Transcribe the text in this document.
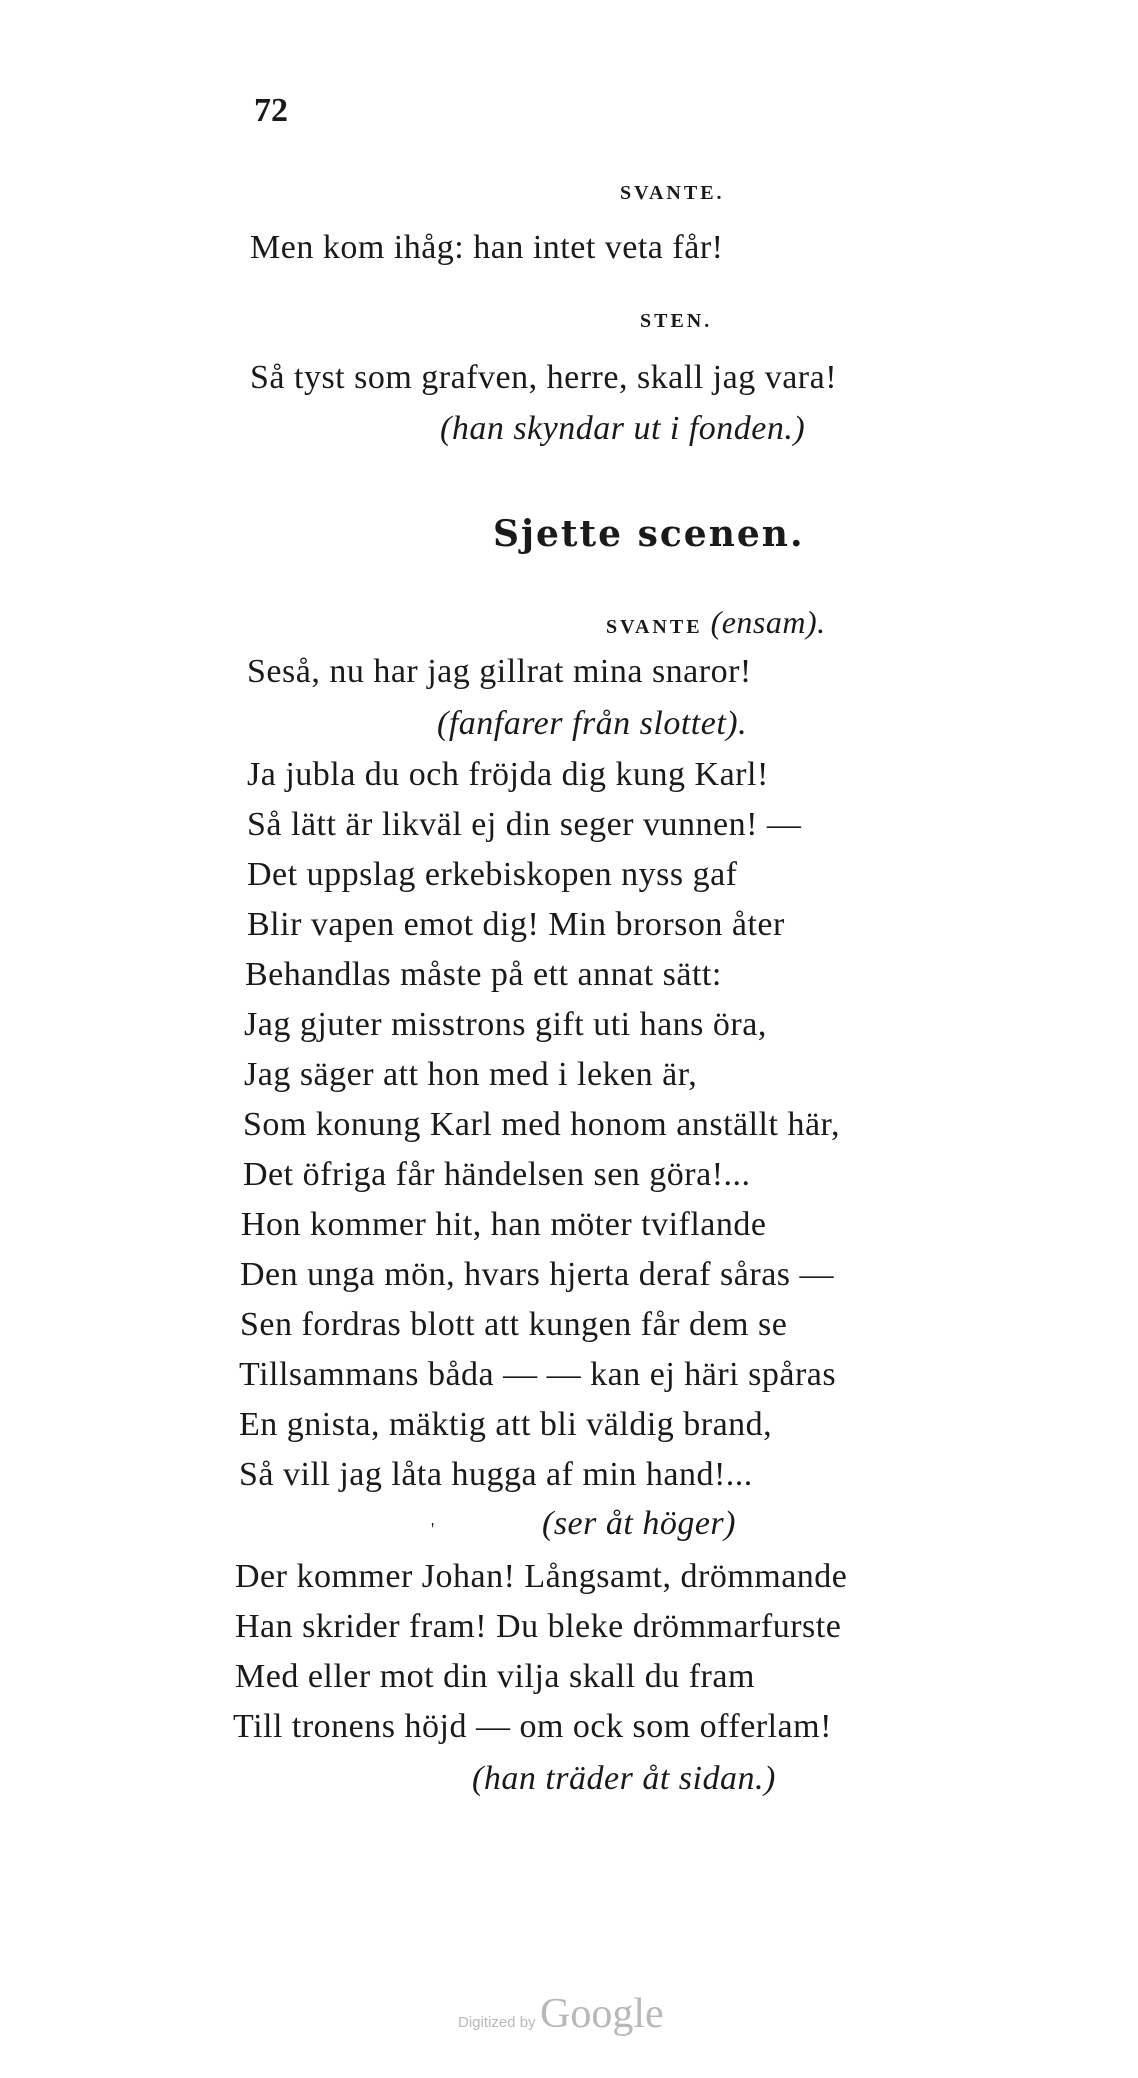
72
SVANTE.
Men kom ihåg: han intet veta får!
STEN.
Så tyst som grafven, herre, skall jag vara!
(han skyndar ut i fonden.)
Sjette scenen.
SVANTE (ensam).
Seså, nu har jag gillrat mina snaror!
(fanfarer från slottet).
Ja jubla du och fröjda dig kung Karl!
Så lätt är likväl ej din seger vunnen! —
Det uppslag erkebiskopen nyss gaf
Blir vapen emot dig! Min brorson åter
Behandlas måste på ett annat sätt:
Jag gjuter misstrons gift uti hans öra,
Jag säger att hon med i leken är,
Som konung Karl med honom anställt här,
Det öfriga får händelsen sen göra!...
Hon kommer hit, han möter tviflande
Den unga mön, hvars hjerta deraf såras —
Sen fordras blott att kungen får dem se
Tillsammans båda — — kan ej häri spåras
En gnista, mäktig att bli väldig brand,
Så vill jag låta hugga af min hand!...
'	(ser åt höger)
Der kommer Johan! Långsamt, drömmande
Han skrider fram! Du bleke drömmarfurste
Med eller mot din vilja skall du fram
Till tronens höjd — om ock som offerlam!
(han träder åt sidan.)
Digitized by Google
